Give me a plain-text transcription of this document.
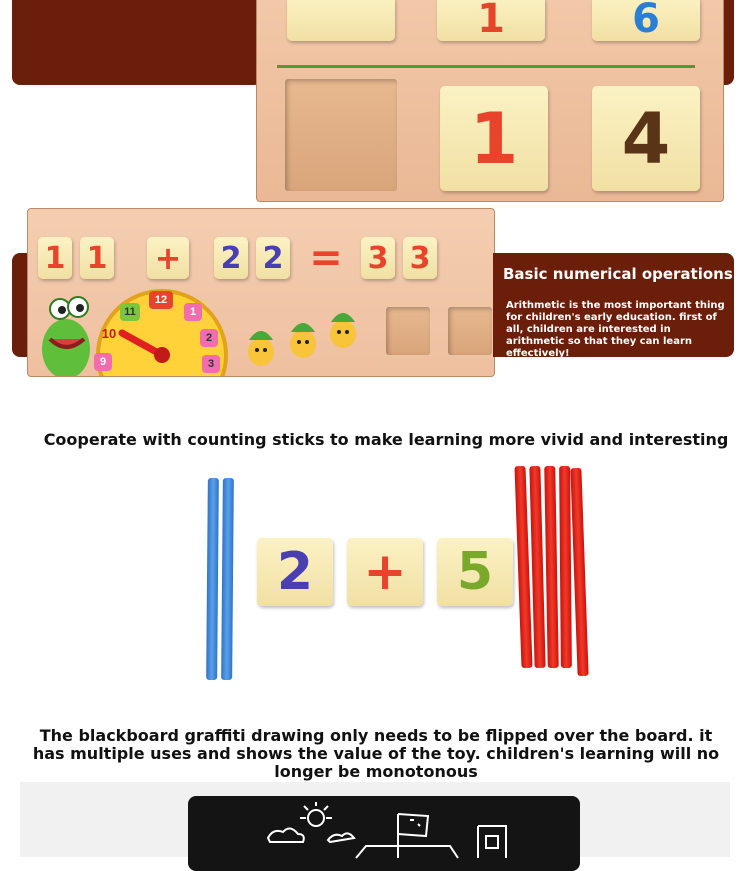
1	6
1 4
1 1 + 2 2 = 3 3
12
1
2
3
9
10
11
Basic numerical operations
Arithmetic is the most important thing for children's early education. first of all, children are interested in arithmetic so that they can learn effectively!
Cooperate with counting sticks to make learning more vivid and interesting
2 + 5
The blackboard graffiti drawing only needs to be flipped over the board. it has multiple uses and shows the value of the toy. children's learning will no longer be monotonous
